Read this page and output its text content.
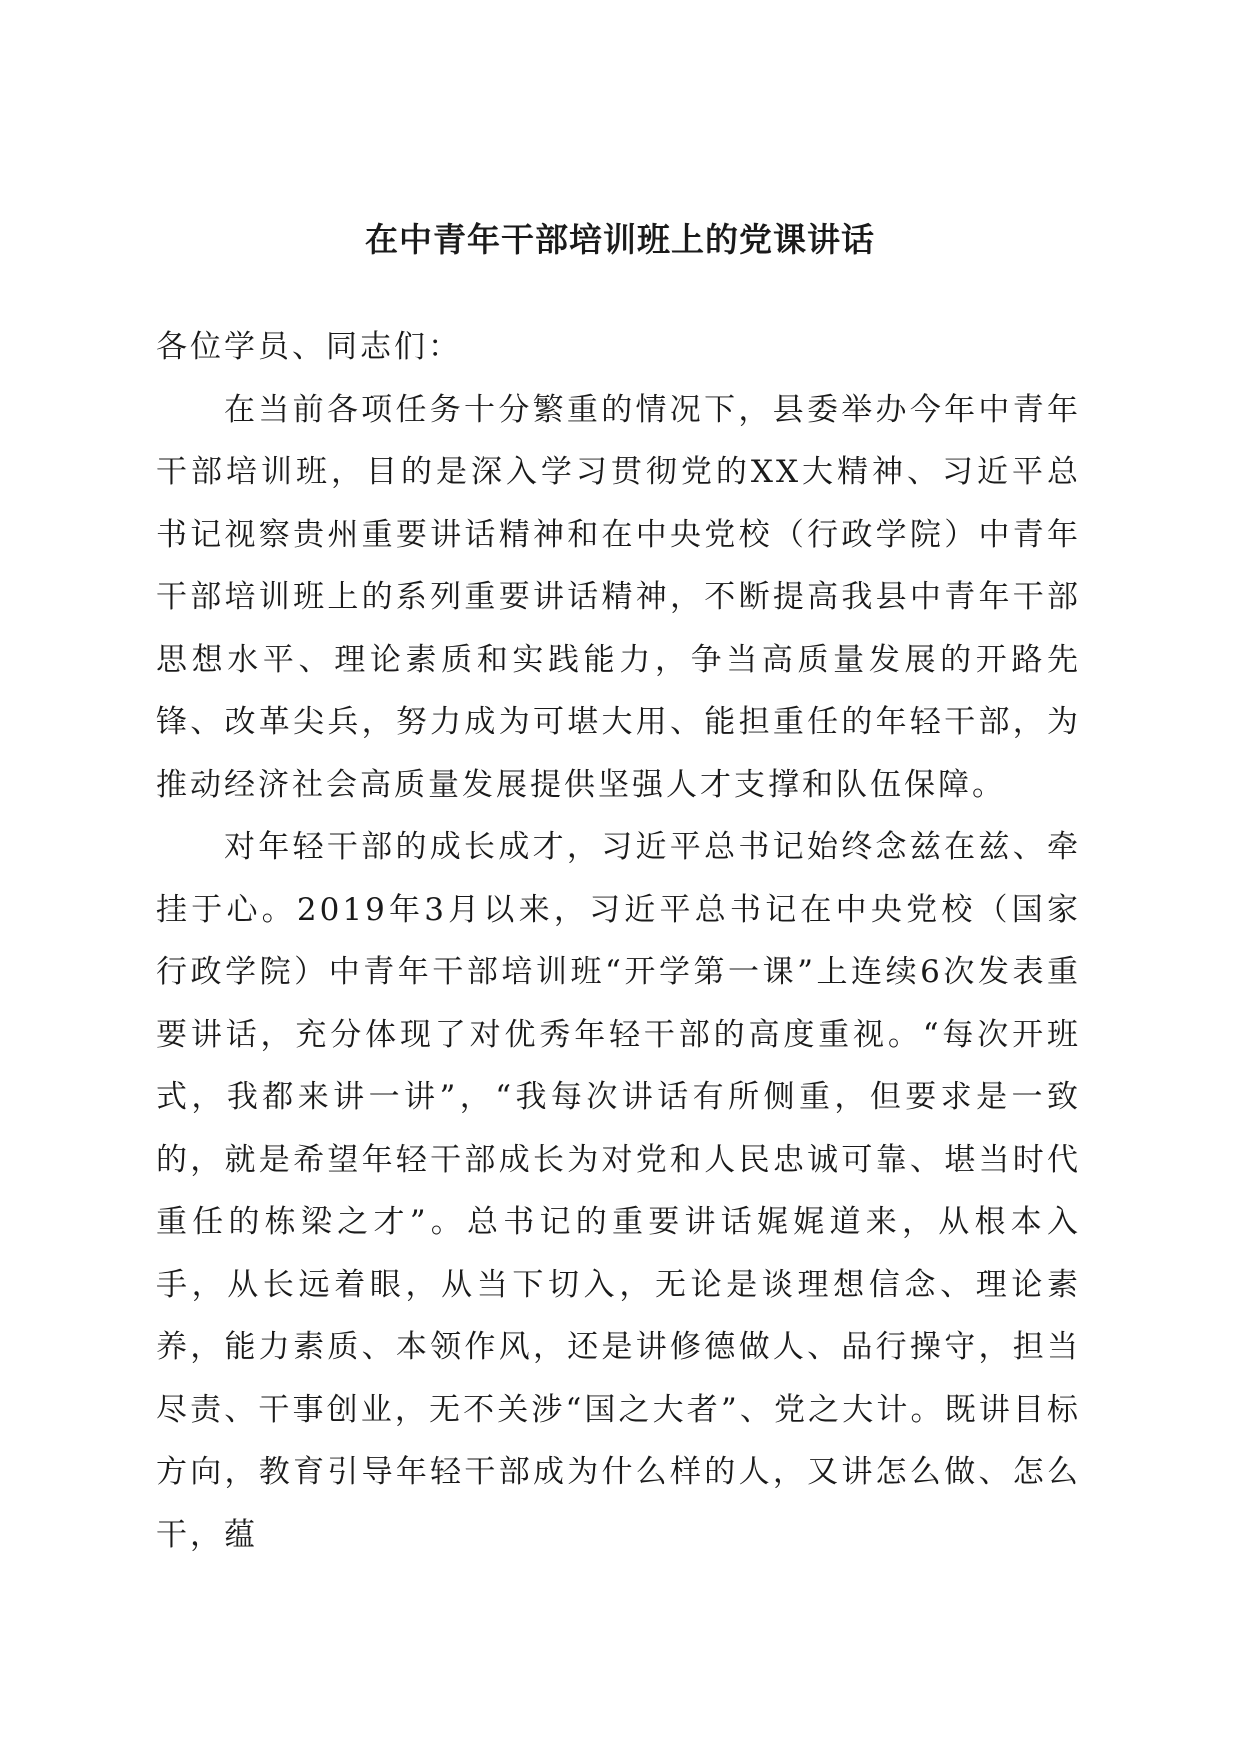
在中青年干部培训班上的党课讲话

各位学员、同志们：

在当前各项任务十分繁重的情况下，县委举办今年中青年干部培训班，目的是深入学习贯彻党的XX大精神、习近平总书记视察贵州重要讲话精神和在中央党校（行政学院）中青年干部培训班上的系列重要讲话精神，不断提高我县中青年干部思想水平、理论素质和实践能力，争当高质量发展的开路先锋、改革尖兵，努力成为可堪大用、能担重任的年轻干部，为推动经济社会高质量发展提供坚强人才支撑和队伍保障。

对年轻干部的成长成才，习近平总书记始终念兹在兹、牵挂于心。2019年3月以来，习近平总书记在中央党校（国家行政学院）中青年干部培训班“开学第一课”上连续6次发表重要讲话，充分体现了对优秀年轻干部的高度重视。“每次开班式，我都来讲一讲”，“我每次讲话有所侧重，但要求是一致的，就是希望年轻干部成长为对党和人民忠诚可靠、堪当时代重任的栋梁之才”。总书记的重要讲话娓娓道来，从根本入手，从长远着眼，从当下切入，无论是谈理想信念、理论素养，能力素质、本领作风，还是讲修德做人、品行操守，担当尽责、干事创业，无不关涉“国之大者”、党之大计。既讲目标方向，教育引导年轻干部成为什么样的人，又讲怎么做、怎么干，蕴
